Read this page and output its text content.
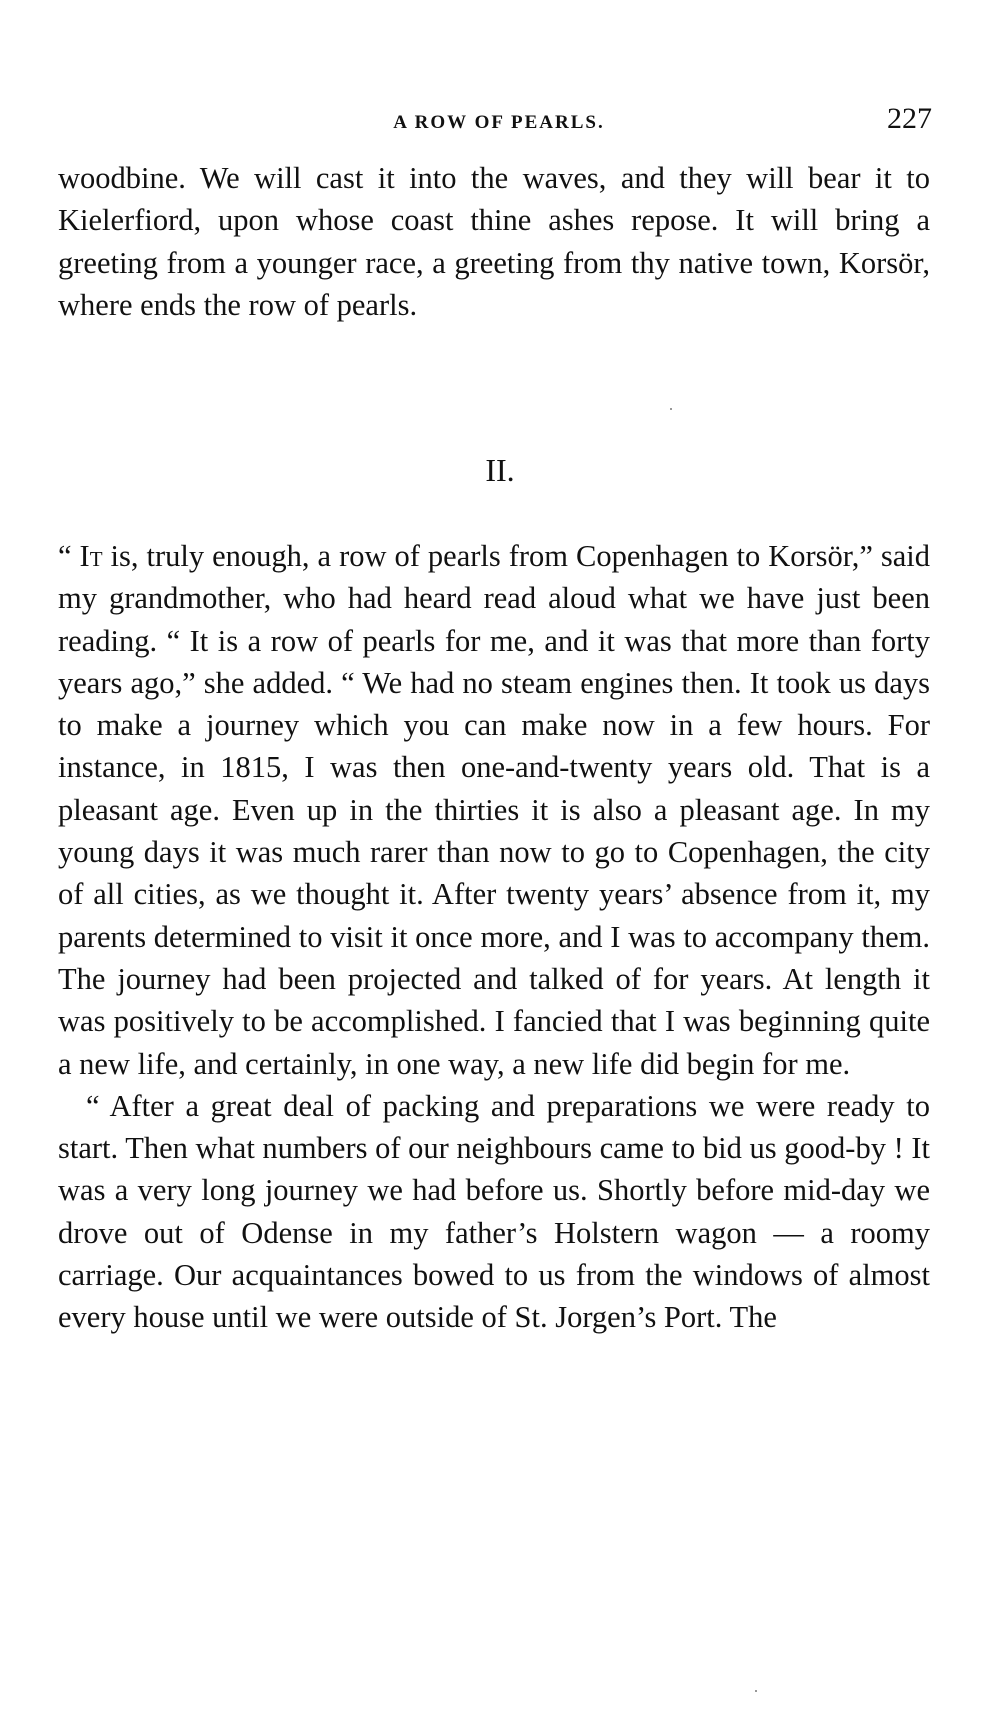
A ROW OF PEARLS.	227

woodbine. We will cast it into the waves, and they will bear it to Kielerfiord, upon whose coast thine ashes repose. It will bring a greeting from a younger race, a greeting from thy native town, Korsör, where ends the row of pearls.

II.

“ It is, truly enough, a row of pearls from Copenhagen to Korsör,” said my grandmother, who had heard read aloud what we have just been reading. “ It is a row of pearls for me, and it was that more than forty years ago,” she added. “ We had no steam engines then. It took us days to make a journey which you can make now in a few hours. For instance, in 1815, I was then one-and-twenty years old. That is a pleasant age. Even up in the thirties it is also a pleasant age. In my young days it was much rarer than now to go to Copenhagen, the city of all cities, as we thought it. After twenty years’ absence from it, my parents determined to visit it once more, and I was to accompany them. The journey had been projected and talked of for years. At length it was positively to be accomplished. I fancied that I was beginning quite a new life, and certainly, in one way, a new life did begin for me.

“ After a great deal of packing and preparations we were ready to start. Then what numbers of our neighbours came to bid us good-by ! It was a very long journey we had before us. Shortly before mid-day we drove out of Odense in my father’s Holstern wagon — a roomy carriage. Our acquaintances bowed to us from the windows of almost every house until we were outside of St. Jorgen’s Port. The
